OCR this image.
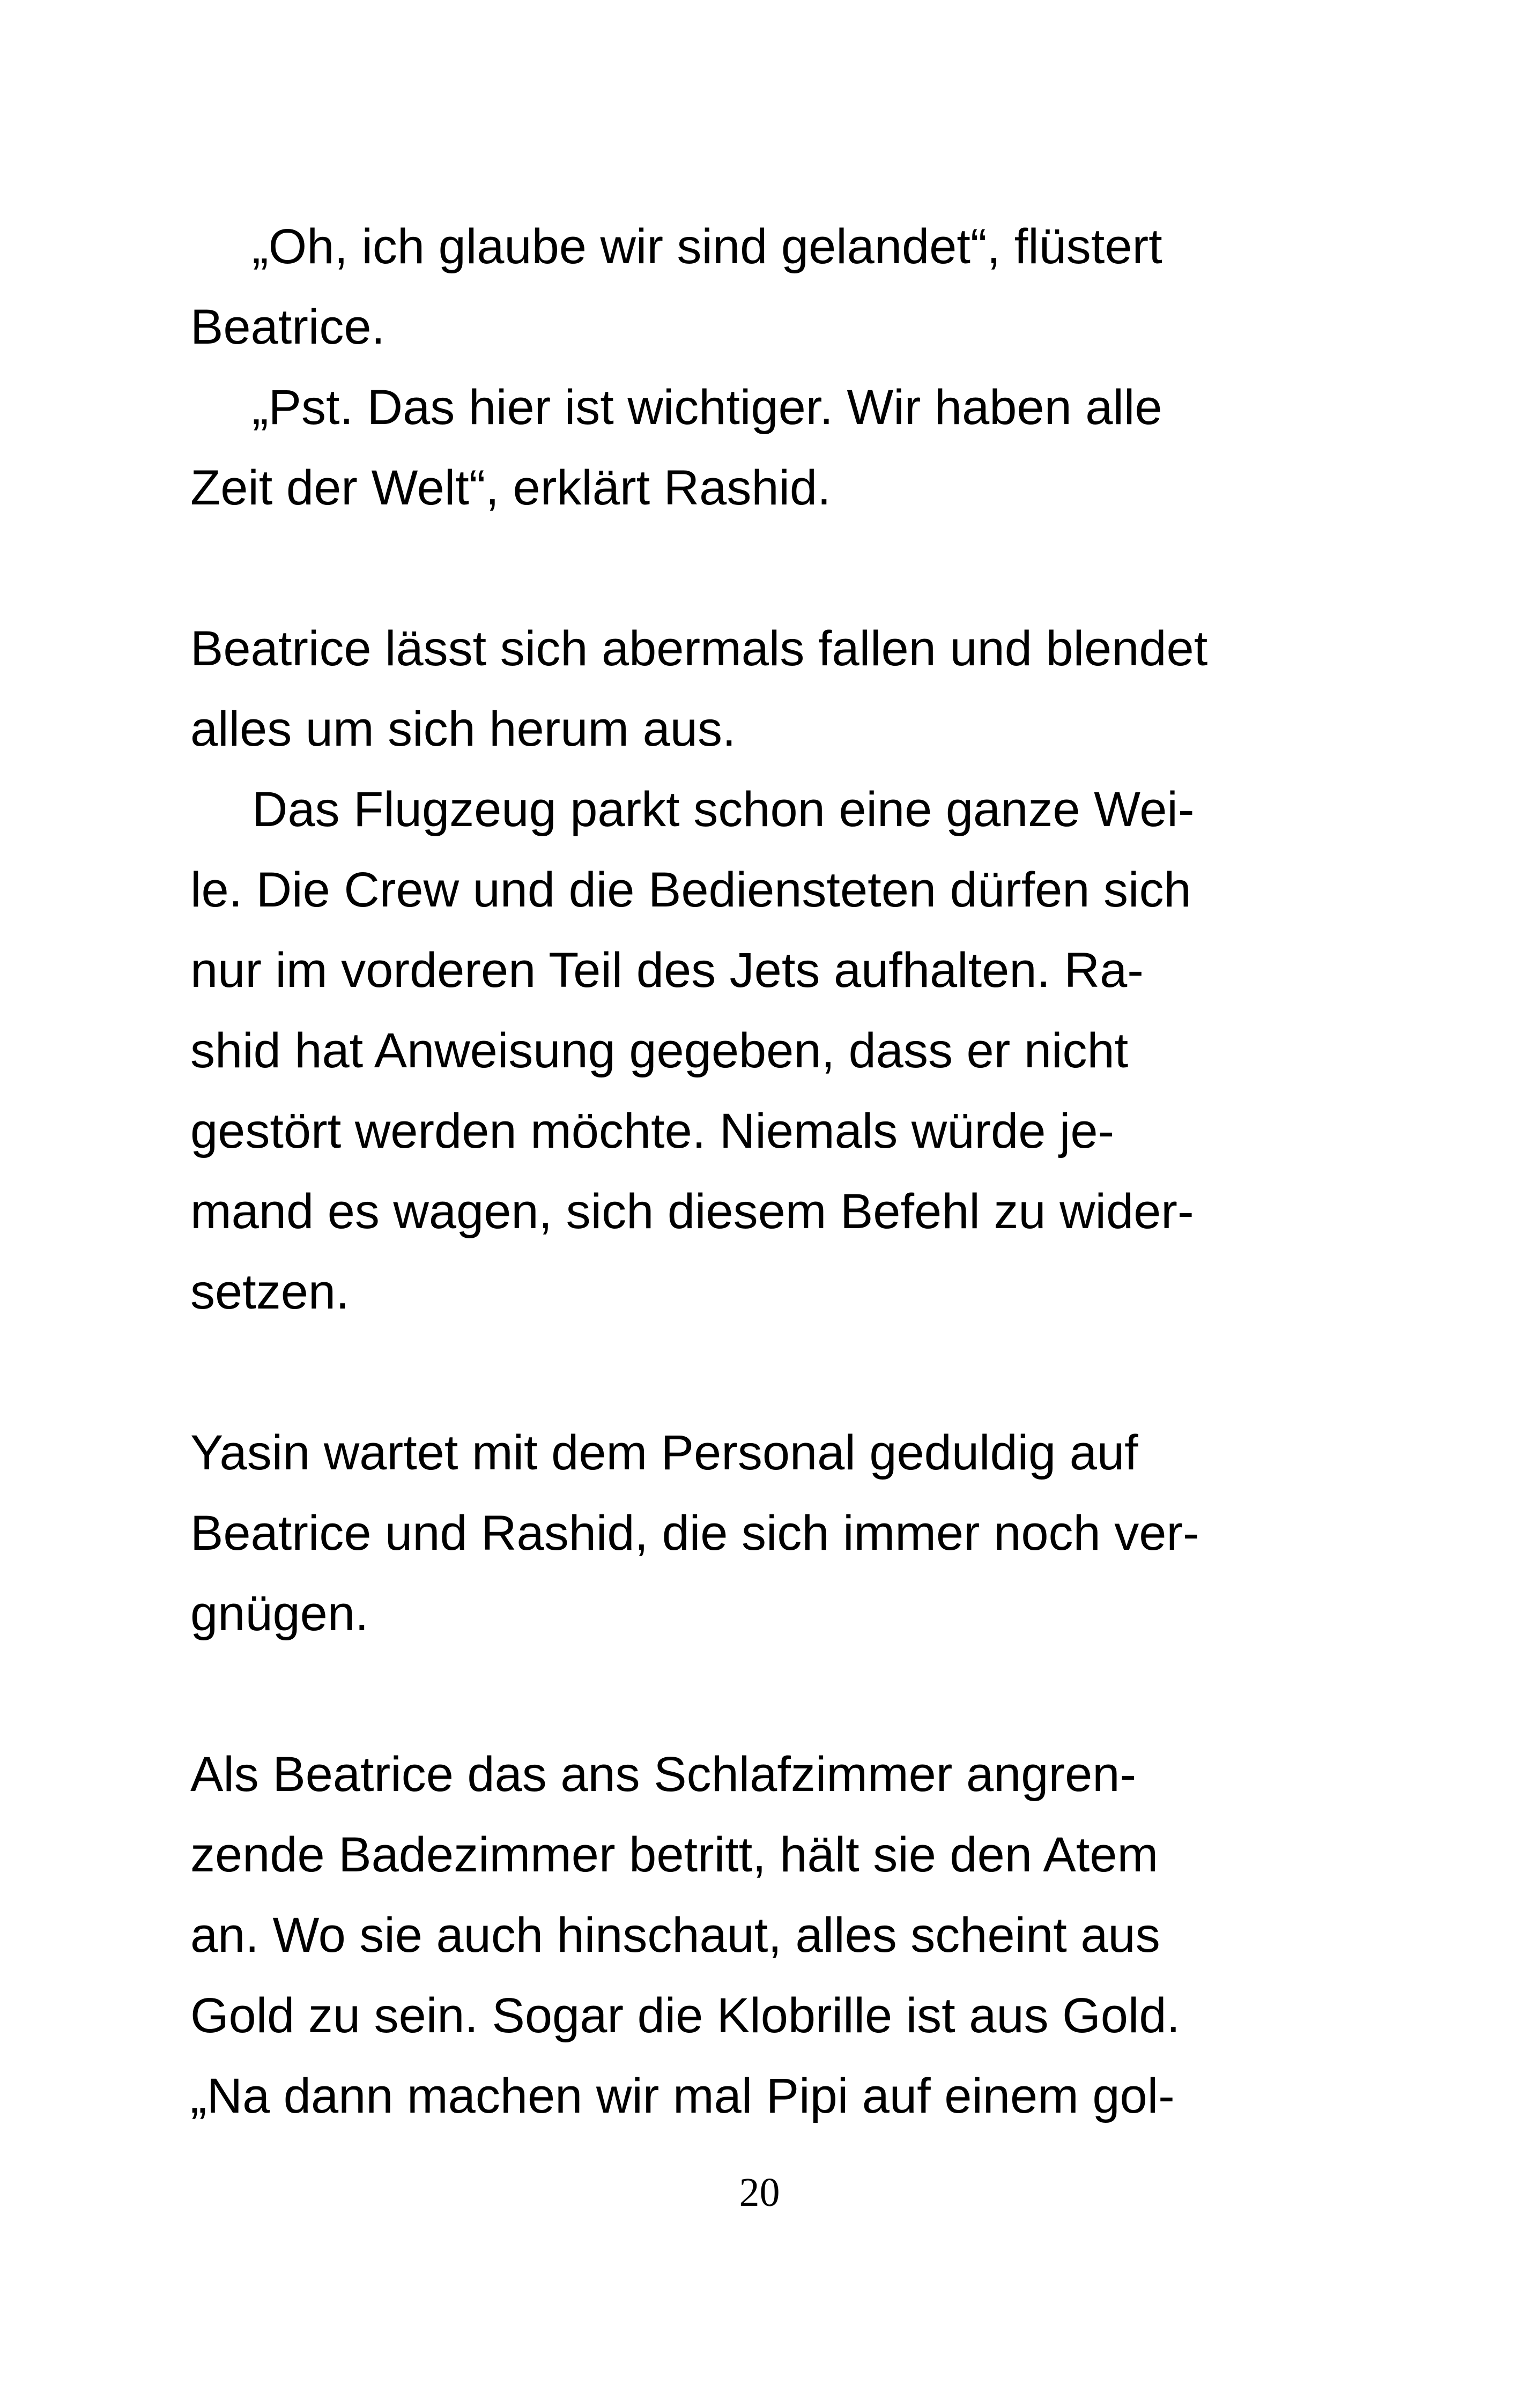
„Oh, ich glaube wir sind gelandet“, flüstert
Beatrice.
„Pst. Das hier ist wichtiger. Wir haben alle
Zeit der Welt“, erklärt Rashid.
Beatrice lässt sich abermals fallen und blendet
alles um sich herum aus.
Das Flugzeug parkt schon eine ganze Wei-
le. Die Crew und die Bediensteten dürfen sich
nur im vorderen Teil des Jets aufhalten. Ra-
shid hat Anweisung gegeben, dass er nicht
gestört werden möchte. Niemals würde je-
mand es wagen, sich diesem Befehl zu wider-
setzen.
Yasin wartet mit dem Personal geduldig auf
Beatrice und Rashid, die sich immer noch ver-
gnügen.
Als Beatrice das ans Schlafzimmer angren-
zende Badezimmer betritt, hält sie den Atem
an. Wo sie auch hinschaut, alles scheint aus
Gold zu sein. Sogar die Klobrille ist aus Gold.
„Na dann machen wir mal Pipi auf einem gol-
20
